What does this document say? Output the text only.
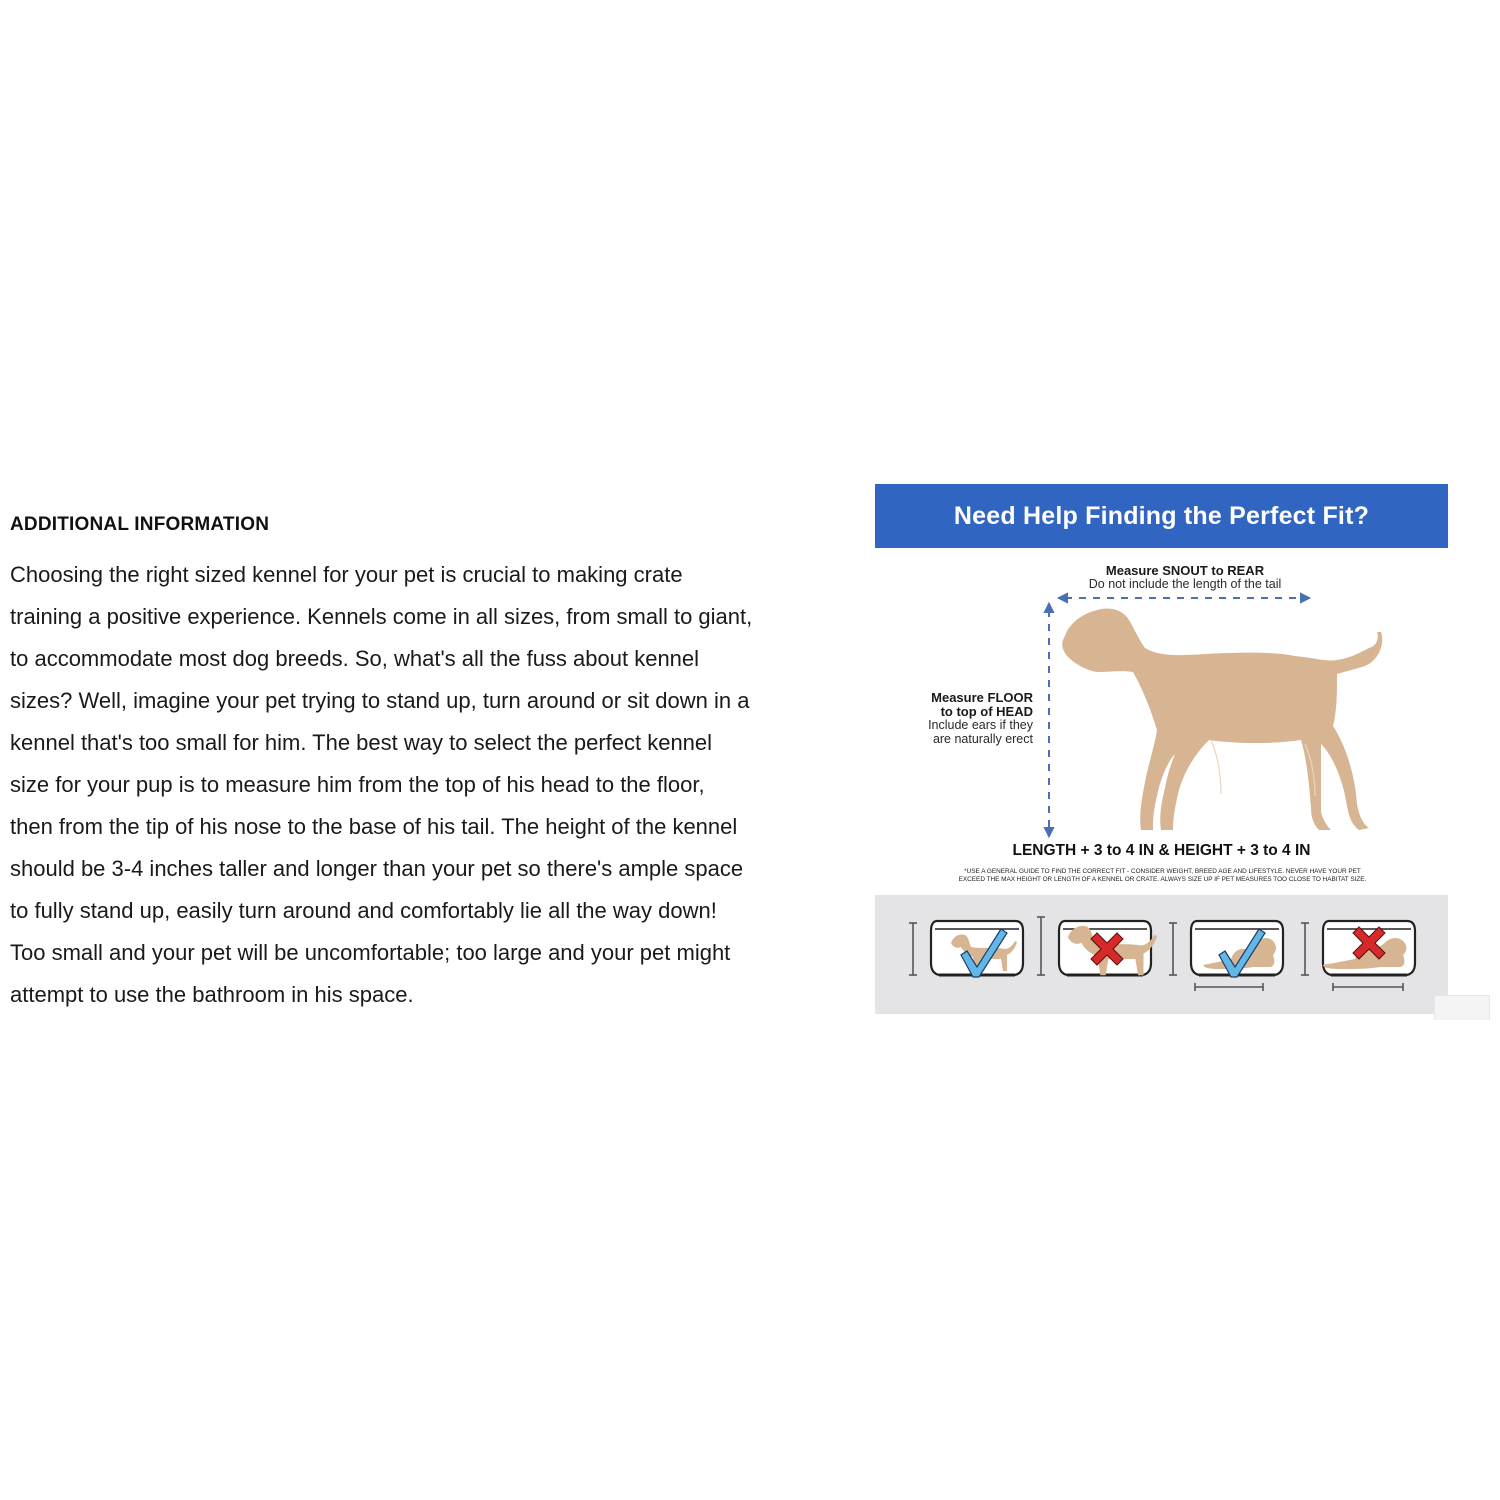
ADDITIONAL INFORMATION

Choosing the right sized kennel for your pet is crucial to making crate
training a positive experience. Kennels come in all sizes, from small to giant,
to accommodate most dog breeds. So, what's all the fuss about kennel
sizes? Well, imagine your pet trying to stand up, turn around or sit down in a
kennel that's too small for him. The best way to select the perfect kennel
size for your pup is to measure him from the top of his head to the floor,
then from the tip of his nose to the base of his tail. The height of the kennel
should be 3-4 inches taller and longer than your pet so there's ample space
to fully stand up, easily turn around and comfortably lie all the way down!
Too small and your pet will be uncomfortable; too large and your pet might
attempt to use the bathroom in his space.

Need Help Finding the Perfect Fit?
Measure SNOUT to REAR
Do not include the length of the tail
Measure FLOOR
to top of HEAD
Include ears if they
are naturally erect
LENGTH + 3 to 4 IN & HEIGHT + 3 to 4 IN
*USE A GENERAL GUIDE TO FIND THE CORRECT FIT - CONSIDER WEIGHT, BREED AGE AND LIFESTYLE. NEVER HAVE YOUR PET
EXCEED THE MAX HEIGHT OR LENGTH OF A KENNEL OR CRATE. ALWAYS SIZE UP IF PET MEASURES TOO CLOSE TO HABITAT SIZE.
